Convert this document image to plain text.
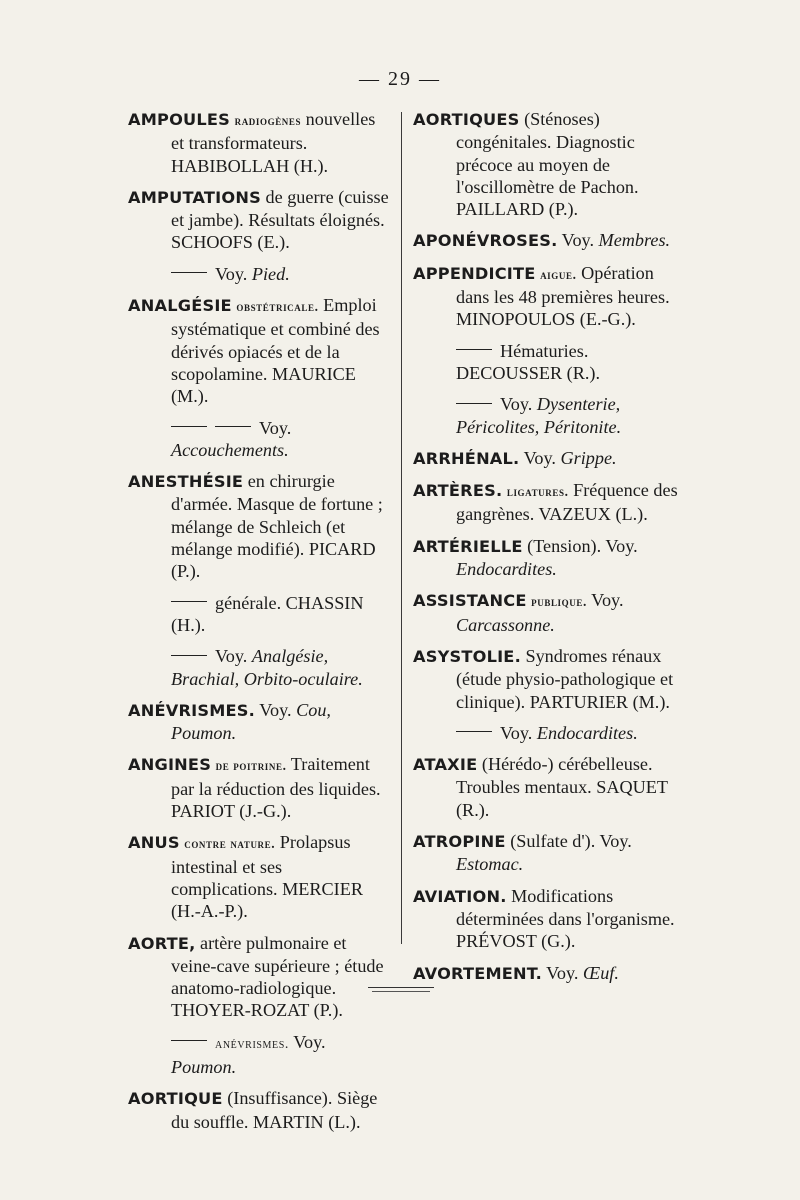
— 29 —

AMPOULES radiogènes nouvelles et transformateurs. HABIBOLLAH (H.).

AMPUTATIONS de guerre (cuisse et jambe). Résultats éloignés. SCHOOFS (E.).

Voy. Pied.

ANALGÉSIE obstétricale. Emploi systématique et combiné des dérivés opiacés et de la scopolamine. MAURICE (M.).

Voy. Accouchements.

ANESTHÉSIE en chirurgie d'armée. Masque de fortune ; mélange de Schleich (et mélange modifié). PICARD (P.).

générale. CHASSIN (H.).

Voy. Analgésie, Brachial, Orbito-oculaire.

ANÉVRISMES. Voy. Cou, Poumon.

ANGINES de poitrine. Traitement par la réduction des liquides. PARIOT (J.-G.).

ANUS contre nature. Prolapsus intestinal et ses complications. MERCIER (H.-A.-P.).

AORTE, artère pulmonaire et veine-cave supérieure ; étude anatomo-radiologique. THOYER-ROZAT (P.).

anévrismes. Voy. Poumon.

AORTIQUE (Insuffisance). Siège du souffle. MARTIN (L.).

AORTIQUES (Sténoses) congénitales. Diagnostic précoce au moyen de l'oscillomètre de Pachon. PAILLARD (P.).

APONÉVROSES. Voy. Membres.

APPENDICITE aigue. Opération dans les 48 premières heures. MINOPOULOS (E.-G.).

Hématuries. DECOUSSER (R.).

Voy. Dysenterie, Péricolites, Péritonite.

ARRHÉNAL. Voy. Grippe.

ARTÈRES. ligatures. Fréquence des gangrènes. VAZEUX (L.).

ARTÉRIELLE (Tension). Voy. Endocardites.

ASSISTANCE publique. Voy. Carcassonne.

ASYSTOLIE. Syndromes rénaux (étude physio-pathologique et clinique). PARTURIER (M.).

Voy. Endocardites.

ATAXIE (Hérédo-) cérébelleuse. Troubles mentaux. SAQUET (R.).

ATROPINE (Sulfate d'). Voy. Estomac.

AVIATION. Modifications déterminées dans l'organisme. PRÉVOST (G.).

AVORTEMENT. Voy. Œuf.
